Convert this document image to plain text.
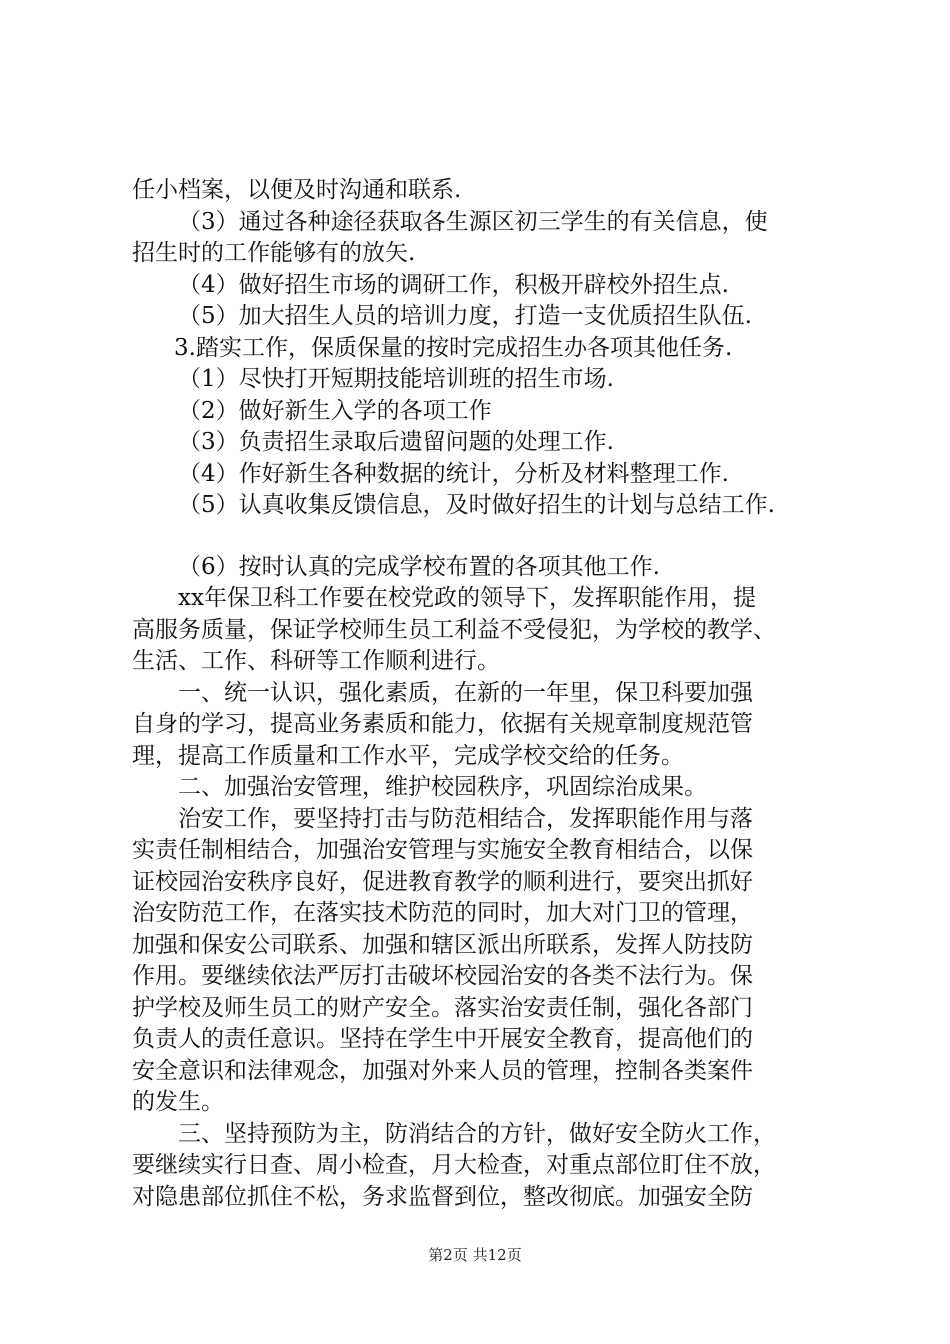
任小档案，以便及时沟通和联系.
（3）通过各种途径获取各生源区初三学生的有关信息，使
招生时的工作能够有的放矢.
（4）做好招生市场的调研工作，积极开辟校外招生点.
（5）加大招生人员的培训力度，打造一支优质招生队伍.
3.踏实工作，保质保量的按时完成招生办各项其他任务.
（1）尽快打开短期技能培训班的招生市场.
（2）做好新生入学的各项工作
（3）负责招生录取后遗留问题的处理工作.
（4）作好新生各种数据的统计，分析及材料整理工作.
（5）认真收集反馈信息，及时做好招生的计划与总结工作.
（6）按时认真的完成学校布置的各项其他工作.
xx年保卫科工作要在校党政的领导下，发挥职能作用，提
高服务质量，保证学校师生员工利益不受侵犯，为学校的教学、
生活、工作、科研等工作顺利进行。
一、统一认识，强化素质，在新的一年里，保卫科要加强
自身的学习，提高业务素质和能力，依据有关规章制度规范管
理，提高工作质量和工作水平，完成学校交给的任务。
二、加强治安管理，维护校园秩序，巩固综治成果。
治安工作，要坚持打击与防范相结合，发挥职能作用与落
实责任制相结合，加强治安管理与实施安全教育相结合，以保
证校园治安秩序良好，促进教育教学的顺利进行，要突出抓好
治安防范工作，在落实技术防范的同时，加大对门卫的管理，
加强和保安公司联系、加强和辖区派出所联系，发挥人防技防
作用。要继续依法严厉打击破坏校园治安的各类不法行为。保
护学校及师生员工的财产安全。落实治安责任制，强化各部门
负责人的责任意识。坚持在学生中开展安全教育，提高他们的
安全意识和法律观念，加强对外来人员的管理，控制各类案件
的发生。
三、坚持预防为主，防消结合的方针，做好安全防火工作，
要继续实行日查、周小检查，月大检查，对重点部位盯住不放，
对隐患部位抓住不松，务求监督到位，整改彻底。加强安全防
第2页 共12页
